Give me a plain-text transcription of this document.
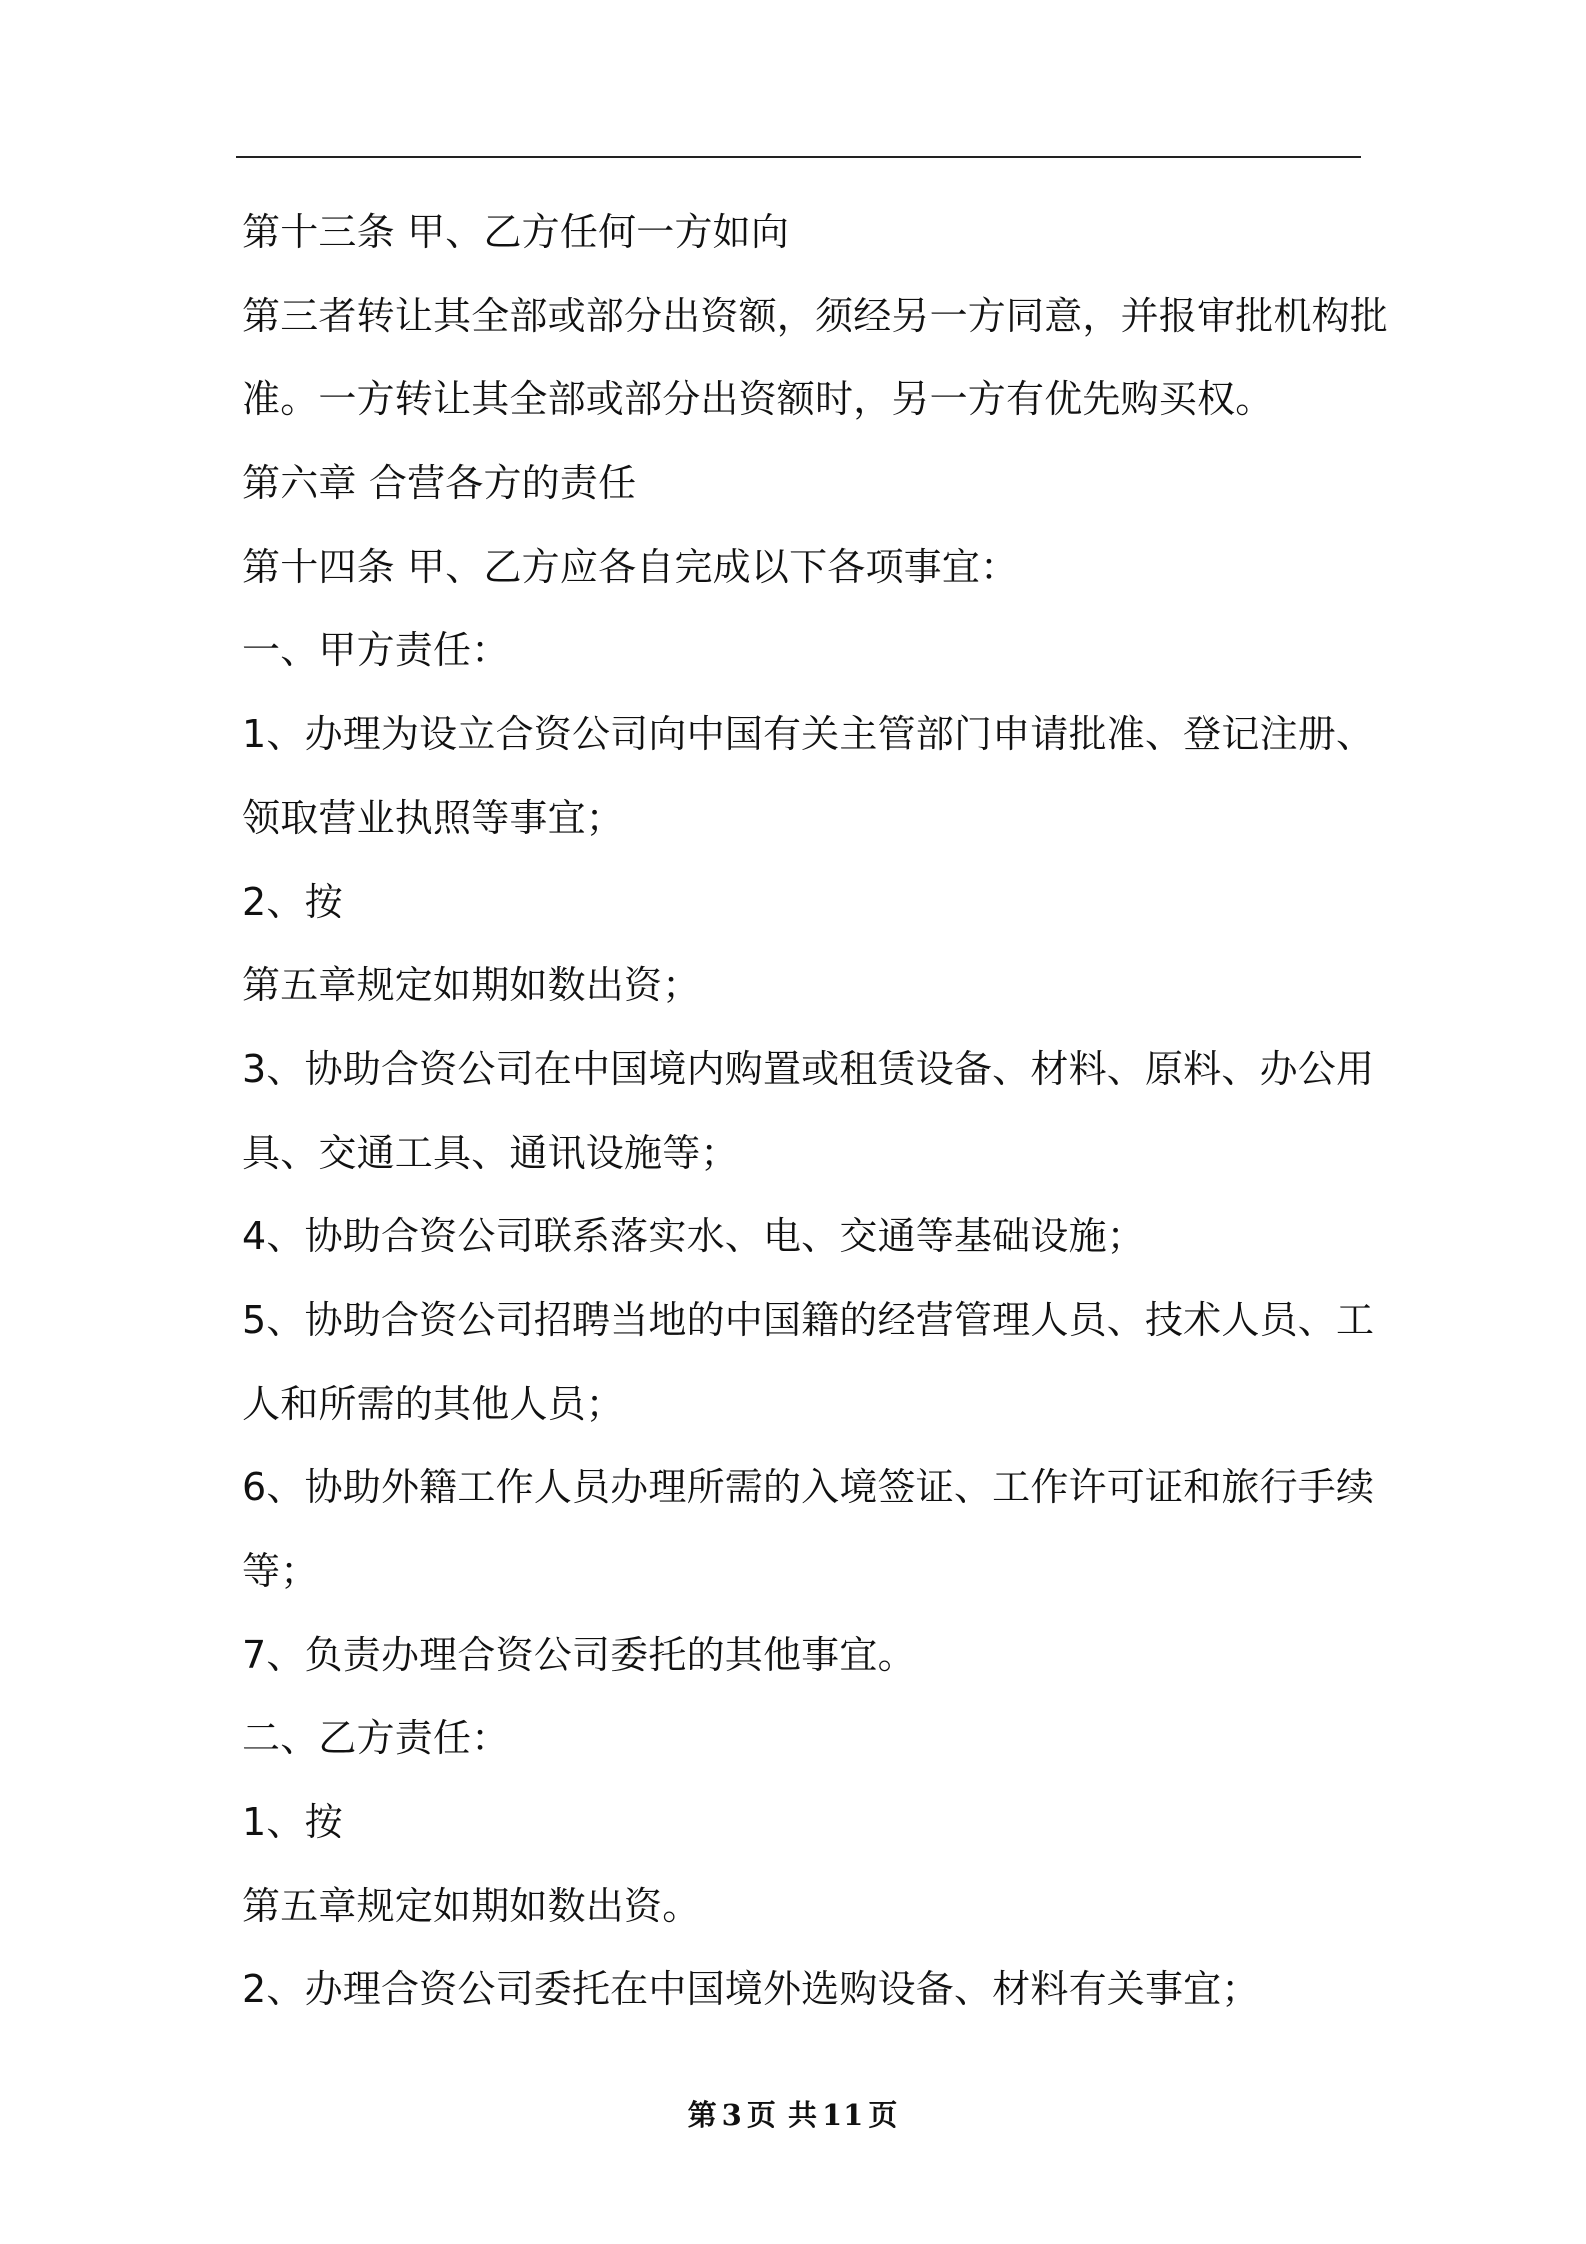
第十三条 甲、乙方任何一方如向
第三者转让其全部或部分出资额，须经另一方同意，并报审批机构批
准。一方转让其全部或部分出资额时，另一方有优先购买权。
第六章 合营各方的责任
第十四条 甲、乙方应各自完成以下各项事宜：
一、甲方责任：
1、办理为设立合资公司向中国有关主管部门申请批准、登记注册、
领取营业执照等事宜；
2、按
第五章规定如期如数出资；
3、协助合资公司在中国境内购置或租赁设备、材料、原料、办公用
具、交通工具、通讯设施等；
4、协助合资公司联系落实水、电、交通等基础设施；
5、协助合资公司招聘当地的中国籍的经营管理人员、技术人员、工
人和所需的其他人员；
6、协助外籍工作人员办理所需的入境签证、工作许可证和旅行手续
等；
7、负责办理合资公司委托的其他事宜。
二、乙方责任：
1、按
第五章规定如期如数出资。
2、办理合资公司委托在中国境外选购设备、材料有关事宜；
第 3 页 共 11 页
